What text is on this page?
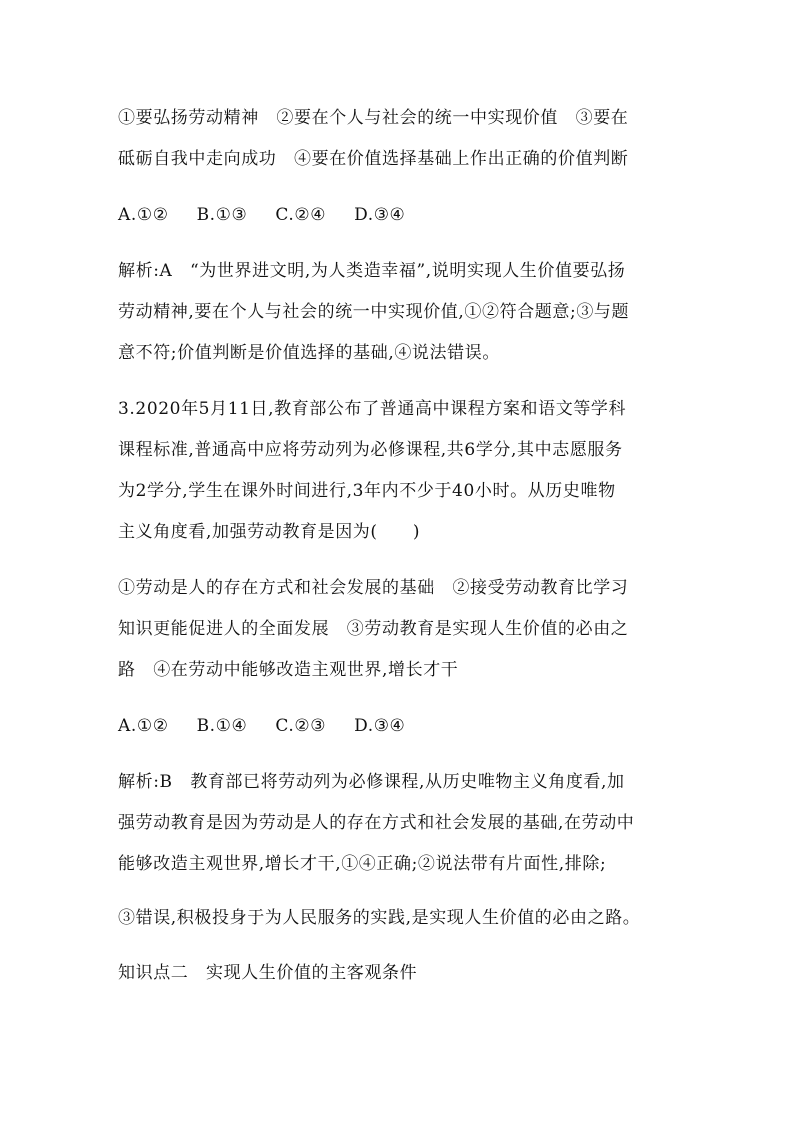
①要弘扬劳动精神　②要在个人与社会的统一中实现价值　③要在
砥砺自我中走向成功　④要在价值选择基础上作出正确的价值判断
A.①② B.①③ C.②④ D.③④
解析:A　“为世界进文明,为人类造幸福”,说明实现人生价值要弘扬
劳动精神,要在个人与社会的统一中实现价值,①②符合题意;③与题
意不符;价值判断是价值选择的基础,④说法错误。
3.2020年5月11日,教育部公布了普通高中课程方案和语文等学科
课程标准,普通高中应将劳动列为必修课程,共6学分,其中志愿服务
为2学分,学生在课外时间进行,3年内不少于40小时。从历史唯物
主义角度看,加强劳动教育是因为(　　)
①劳动是人的存在方式和社会发展的基础　②接受劳动教育比学习
知识更能促进人的全面发展　③劳动教育是实现人生价值的必由之
路　④在劳动中能够改造主观世界,增长才干
A.①② B.①④ C.②③ D.③④
解析:B　教育部已将劳动列为必修课程,从历史唯物主义角度看,加
强劳动教育是因为劳动是人的存在方式和社会发展的基础,在劳动中
能够改造主观世界,增长才干,①④正确;②说法带有片面性,排除;
③错误,积极投身于为人民服务的实践,是实现人生价值的必由之路。
知识点二　实现人生价值的主客观条件
